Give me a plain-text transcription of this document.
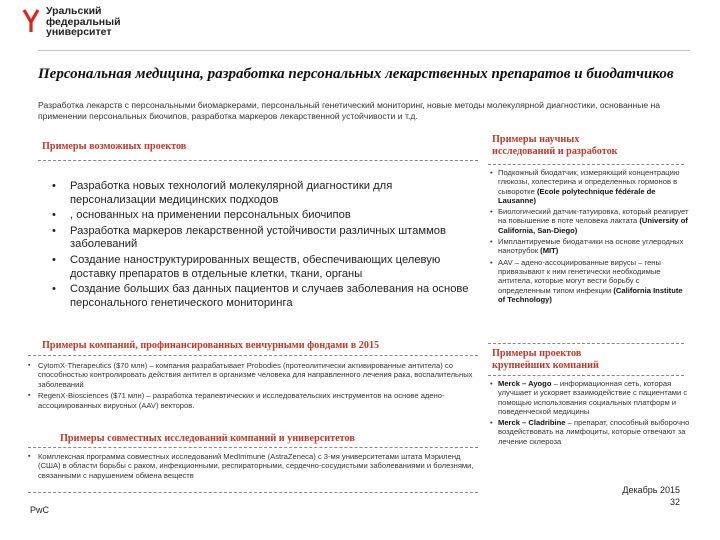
Уральский
федеральный
университет
Персональная медицина, разработка персональных лекарственных препаратов и биодатчиков
Разработка лекарств с персональными биомаркерами, персональный генетический мониторинг, новые методы молекулярной диагностики, основанные на применении персональных биочипов, разработка маркеров лекарственной устойчивости и т.д.
Примеры возможных проектов
• Разработка новых технологий молекулярной диагностики для персонализации медицинских подходов
• , основанных на применении персональных биочипов
• Разработка маркеров лекарственной устойчивости различных штаммов заболеваний
• Создание наноструктурированных веществ, обеспечивающих целевую доставку препаратов в отдельные клетки, ткани, органы
• Создание больших баз данных пациентов и случаев заболевания на основе персонального генетического мониторинга
Примеры научных
исследований и разработок
• Подкожный биодатчик, измеряющий концентрацию глюкозы, холестерина и определенных гормонов в сыворотке (Ecole polytechnique fédérale de Lausanne)
• Биологический датчик-татуировка, который реагирует на повышение в поте человека лактата (University of California, San-Diego)
• Имплантируемые биодатчики на основе углеродных нанотрубок (MIT)
• AAV – адено-ассоциированные вирусы – гены привязывают к ним генетически необходимые антитела, которые могут вести борьбу с определенным типом инфекции (California Institute of Technology)
Примеры компаний, профинансированных венчурными фондами в 2015
▪ CytomX-Therapeutics ($70 млн) – компания разрабатывает Probodies (протеолитически активированные антитела) со способностью контролировать действия антител в организме человека для направленного лечения рака, воспалительных заболеваний
▪ RegenX-Biosciences ($71 млн) – разработка терапевтических и исследовательских инструментов на основе адено-ассоциированных вирусных (AAV) векторов.
Примеры проектов
крупнейших компаний
• Merck – Ayogo – информационная сеть, которая улучшает и ускоряет взаимодействие с пациентами с помощью использования социальных платформ и поведенческой медицины
• Merck – Cladribine – препарат, способный выборочно воздействовать на лимфоциты, которые отвечают за лечение склероза
Примеры совместных исследований компаний и университетов
▪ Комплексная программа совместных исследований MedImmune (AstraZeneca) с 3-мя университетами штата Мэриленд (США) в области борьбы с раком, инфекционными, респираторными, сердечно-сосудистыми заболеваниями и болезнями, связанными с нарушением обмена веществ
PwC
Декабрь 2015
32
